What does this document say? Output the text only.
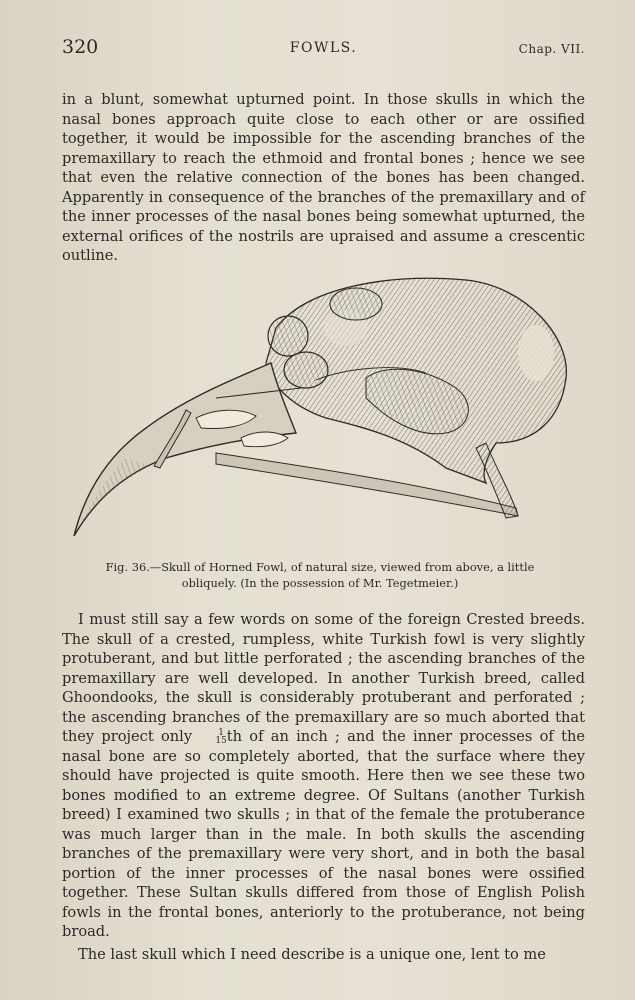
320	FOWLS.	Chap. VII.

in a blunt, somewhat upturned point. In those skulls in which the nasal bones approach quite close to each other or are ossified together, it would be impossible for the ascending branches of the premaxillary to reach the ethmoid and frontal bones ; hence we see that even the relative connection of the bones has been changed. Apparently in consequence of the branches of the premaxillary and of the inner processes of the nasal bones being somewhat upturned, the external orifices of the nostrils are upraised and assume a crescentic outline.

Fig. 36.—Skull of Horned Fowl, of natural size, viewed from above, a little obliquely. (In the possession of Mr. Tegetmeier.)

I must still say a few words on some of the foreign Crested breeds. The skull of a crested, rumpless, white Turkish fowl is very slightly protuberant, and but little perforated ; the ascending branches of the premaxillary are well developed. In another Turkish breed, called Ghoondooks, the skull is considerably protuberant and perforated ; the ascending branches of the premaxillary are so much aborted that they project only	1
15 th of an inch ; and the inner processes of the nasal bone are so completely aborted, that the surface where they should have projected is quite smooth. Here then we see these two bones modified to an extreme degree. Of Sultans (another Turkish breed) I examined two skulls ; in that of the female the protuberance was much larger than in the male. In both skulls the ascending branches of the premaxillary were very short, and in both the basal portion of the inner processes of the nasal bones were ossified together. These Sultan skulls differed from those of English Polish fowls in the frontal bones, anteriorly to the protuberance, not being broad.

The last skull which I need describe is a unique one, lent to me
